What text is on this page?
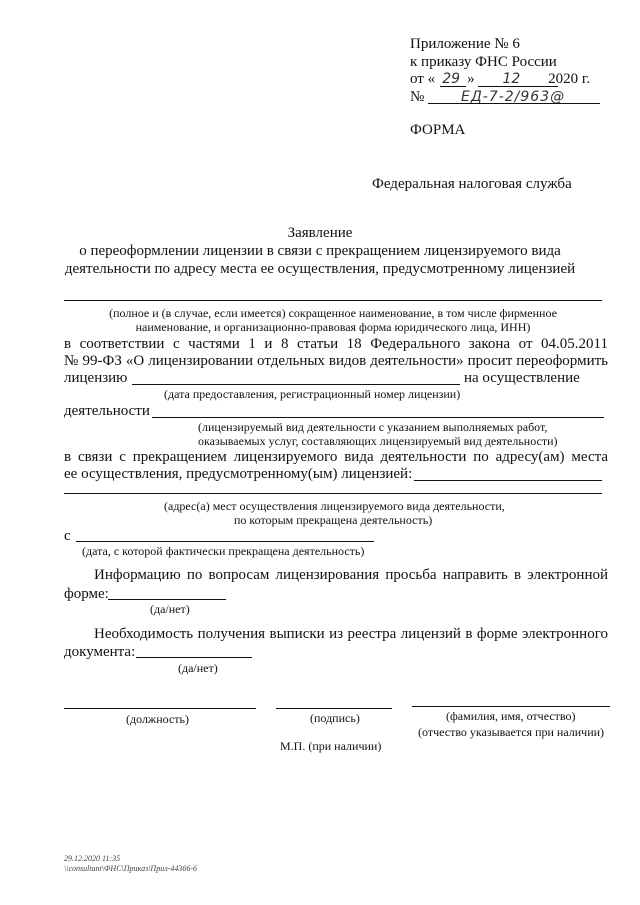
Приложение № 6
к приказу ФНС России
от « 29 » 12 2020 г.
№	ЕД-7-2/963@
ФОРМА
Федеральная налоговая служба
Заявление
о переоформлении лицензии в связи с прекращением лицензируемого вида
деятельности по адресу места ее осуществления, предусмотренному лицензией
(полное и (в случае, если имеется) сокращенное наименование, в том числе фирменное
наименование, и организационно-правовая форма юридического лица, ИНН)
в соответствии с частями 1 и 8 статьи 18 Федерального закона от 04.05.2011
№ 99-ФЗ «О лицензировании отдельных видов деятельности» просит переоформить
лицензию	на осуществление
(дата предоставления, регистрационный номер лицензии)
деятельности
(лицензируемый вид деятельности с указанием выполняемых работ,
оказываемых услуг, составляющих лицензируемый вид деятельности)
в связи с прекращением лицензируемого вида деятельности по адресу(ам) места
ее осуществления, предусмотренному(ым) лицензией:
(адрес(а) мест осуществления лицензируемого вида деятельности,
по которым прекращена деятельность)
с
(дата, с которой фактически прекращена деятельность)
Информацию по вопросам лицензирования просьба направить в электронной
форме:
(да/нет)
Необходимость получения выписки из реестра лицензий в форме электронного
документа:
(да/нет)
(должность)	(подпись)	(фамилия, имя, отчество)
(отчество указывается при наличии)
М.П. (при наличии)
29.12.2020 11:35
\\consultant\ФНС\Приказ\Прил-44366-6
